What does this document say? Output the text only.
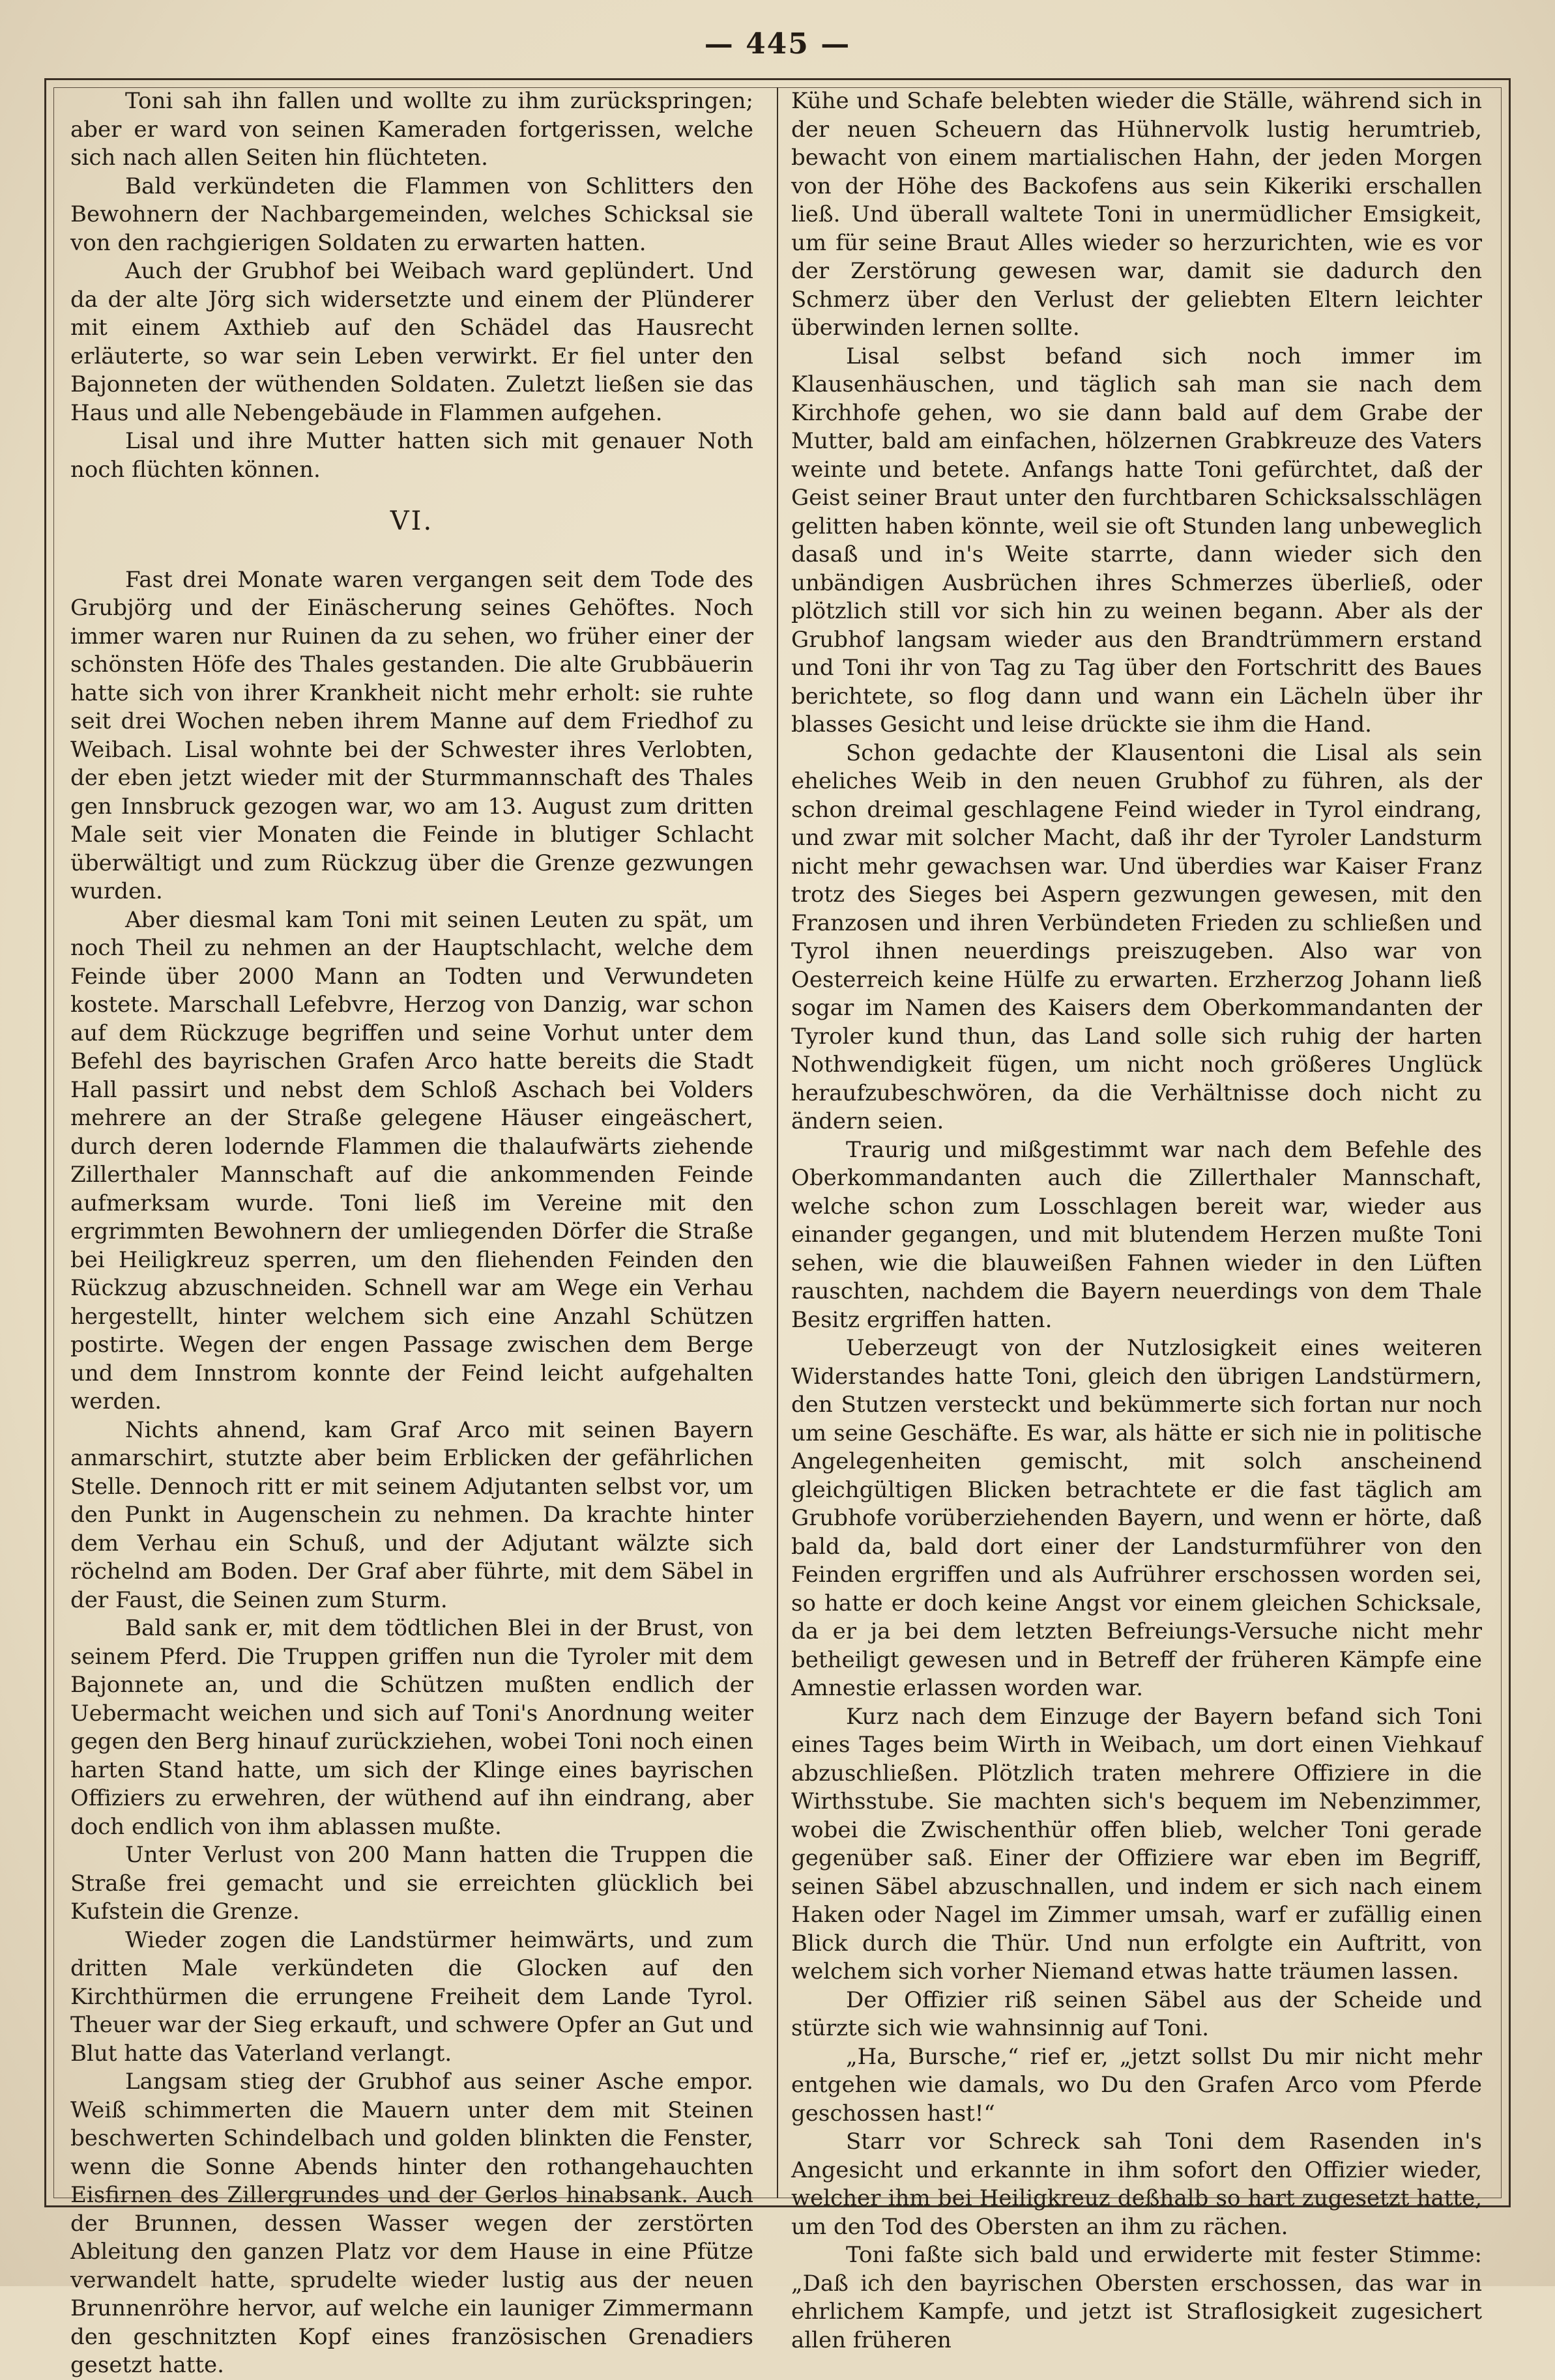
— 445 —

Toni sah ihn fallen und wollte zu ihm zurückspringen; aber er ward von seinen Kameraden fortgerissen, welche sich nach allen Seiten hin flüchteten.

Bald verkündeten die Flammen von Schlitters den Bewohnern der Nachbargemeinden, welches Schicksal sie von den rachgierigen Soldaten zu erwarten hatten.

Auch der Grubhof bei Weibach ward geplündert. Und da der alte Jörg sich widersetzte und einem der Plünderer mit einem Axthieb auf den Schädel das Hausrecht erläuterte, so war sein Leben verwirkt. Er fiel unter den Bajonneten der wüthenden Soldaten. Zuletzt ließen sie das Haus und alle Nebengebäude in Flammen aufgehen.

Lisal und ihre Mutter hatten sich mit genauer Noth noch flüchten können.

VI.

Fast drei Monate waren vergangen seit dem Tode des Grubjörg und der Einäscherung seines Gehöftes. Noch immer waren nur Ruinen da zu sehen, wo früher einer der schönsten Höfe des Thales gestanden. Die alte Grubbäuerin hatte sich von ihrer Krankheit nicht mehr erholt: sie ruhte seit drei Wochen neben ihrem Manne auf dem Friedhof zu Weibach. Lisal wohnte bei der Schwester ihres Verlobten, der eben jetzt wieder mit der Sturmmannschaft des Thales gen Innsbruck gezogen war, wo am 13. August zum dritten Male seit vier Monaten die Feinde in blutiger Schlacht überwältigt und zum Rückzug über die Grenze gezwungen wurden.

Aber diesmal kam Toni mit seinen Leuten zu spät, um noch Theil zu nehmen an der Hauptschlacht, welche dem Feinde über 2000 Mann an Todten und Verwundeten kostete. Marschall Lefebvre, Herzog von Danzig, war schon auf dem Rückzuge begriffen und seine Vorhut unter dem Befehl des bayrischen Grafen Arco hatte bereits die Stadt Hall passirt und nebst dem Schloß Aschach bei Volders mehrere an der Straße gelegene Häuser eingeäschert, durch deren lodernde Flammen die thalaufwärts ziehende Zillerthaler Mannschaft auf die ankommenden Feinde aufmerksam wurde. Toni ließ im Vereine mit den ergrimmten Bewohnern der umliegenden Dörfer die Straße bei Heiligkreuz sperren, um den fliehenden Feinden den Rückzug abzuschneiden. Schnell war am Wege ein Verhau hergestellt, hinter welchem sich eine Anzahl Schützen postirte. Wegen der engen Passage zwischen dem Berge und dem Innstrom konnte der Feind leicht aufgehalten werden.

Nichts ahnend, kam Graf Arco mit seinen Bayern anmarschirt, stutzte aber beim Erblicken der gefährlichen Stelle. Dennoch ritt er mit seinem Adjutanten selbst vor, um den Punkt in Augenschein zu nehmen. Da krachte hinter dem Verhau ein Schuß, und der Adjutant wälzte sich röchelnd am Boden. Der Graf aber führte, mit dem Säbel in der Faust, die Seinen zum Sturm.

Bald sank er, mit dem tödtlichen Blei in der Brust, von seinem Pferd. Die Truppen griffen nun die Tyroler mit dem Bajonnete an, und die Schützen mußten endlich der Uebermacht weichen und sich auf Toni's Anordnung weiter gegen den Berg hinauf zurückziehen, wobei Toni noch einen harten Stand hatte, um sich der Klinge eines bayrischen Offiziers zu erwehren, der wüthend auf ihn eindrang, aber doch endlich von ihm ablassen mußte.

Unter Verlust von 200 Mann hatten die Truppen die Straße frei gemacht und sie erreichten glücklich bei Kufstein die Grenze.

Wieder zogen die Landstürmer heimwärts, und zum dritten Male verkündeten die Glocken auf den Kirchthürmen die errungene Freiheit dem Lande Tyrol. Theuer war der Sieg erkauft, und schwere Opfer an Gut und Blut hatte das Vaterland verlangt.

Langsam stieg der Grubhof aus seiner Asche empor. Weiß schimmerten die Mauern unter dem mit Steinen beschwerten Schindelbach und golden blinkten die Fenster, wenn die Sonne Abends hinter den rothangehauchten Eisfirnen des Zillergrundes und der Gerlos hinabsank. Auch der Brunnen, dessen Wasser wegen der zerstörten Ableitung den ganzen Platz vor dem Hause in eine Pfütze verwandelt hatte, sprudelte wieder lustig aus der neuen Brunnenröhre hervor, auf welche ein launiger Zimmermann den geschnitzten Kopf eines französischen Grenadiers gesetzt hatte.

Kühe und Schafe belebten wieder die Ställe, während sich in der neuen Scheuern das Hühnervolk lustig herumtrieb, bewacht von einem martialischen Hahn, der jeden Morgen von der Höhe des Backofens aus sein Kikeriki erschallen ließ. Und überall waltete Toni in unermüdlicher Emsigkeit, um für seine Braut Alles wieder so herzurichten, wie es vor der Zerstörung gewesen war, damit sie dadurch den Schmerz über den Verlust der geliebten Eltern leichter überwinden lernen sollte.

Lisal selbst befand sich noch immer im Klausenhäuschen, und täglich sah man sie nach dem Kirchhofe gehen, wo sie dann bald auf dem Grabe der Mutter, bald am einfachen, hölzernen Grabkreuze des Vaters weinte und betete. Anfangs hatte Toni gefürchtet, daß der Geist seiner Braut unter den furchtbaren Schicksalsschlägen gelitten haben könnte, weil sie oft Stunden lang unbeweglich dasaß und in's Weite starrte, dann wieder sich den unbändigen Ausbrüchen ihres Schmerzes überließ, oder plötzlich still vor sich hin zu weinen begann. Aber als der Grubhof langsam wieder aus den Brandtrümmern erstand und Toni ihr von Tag zu Tag über den Fortschritt des Baues berichtete, so flog dann und wann ein Lächeln über ihr blasses Gesicht und leise drückte sie ihm die Hand.

Schon gedachte der Klausentoni die Lisal als sein eheliches Weib in den neuen Grubhof zu führen, als der schon dreimal geschlagene Feind wieder in Tyrol eindrang, und zwar mit solcher Macht, daß ihr der Tyroler Landsturm nicht mehr gewachsen war. Und überdies war Kaiser Franz trotz des Sieges bei Aspern gezwungen gewesen, mit den Franzosen und ihren Verbündeten Frieden zu schließen und Tyrol ihnen neuerdings preiszugeben. Also war von Oesterreich keine Hülfe zu erwarten. Erzherzog Johann ließ sogar im Namen des Kaisers dem Oberkommandanten der Tyroler kund thun, das Land solle sich ruhig der harten Nothwendigkeit fügen, um nicht noch größeres Unglück heraufzubeschwören, da die Verhältnisse doch nicht zu ändern seien.

Traurig und mißgestimmt war nach dem Befehle des Oberkommandanten auch die Zillerthaler Mannschaft, welche schon zum Losschlagen bereit war, wieder aus einander gegangen, und mit blutendem Herzen mußte Toni sehen, wie die blauweißen Fahnen wieder in den Lüften rauschten, nachdem die Bayern neuerdings von dem Thale Besitz ergriffen hatten.

Ueberzeugt von der Nutzlosigkeit eines weiteren Widerstandes hatte Toni, gleich den übrigen Landstürmern, den Stutzen versteckt und bekümmerte sich fortan nur noch um seine Geschäfte. Es war, als hätte er sich nie in politische Angelegenheiten gemischt, mit solch anscheinend gleichgültigen Blicken betrachtete er die fast täglich am Grubhofe vorüberziehenden Bayern, und wenn er hörte, daß bald da, bald dort einer der Landsturmführer von den Feinden ergriffen und als Aufrührer erschossen worden sei, so hatte er doch keine Angst vor einem gleichen Schicksale, da er ja bei dem letzten Befreiungs-Versuche nicht mehr betheiligt gewesen und in Betreff der früheren Kämpfe eine Amnestie erlassen worden war.

Kurz nach dem Einzuge der Bayern befand sich Toni eines Tages beim Wirth in Weibach, um dort einen Viehkauf abzuschließen. Plötzlich traten mehrere Offiziere in die Wirthsstube. Sie machten sich's bequem im Nebenzimmer, wobei die Zwischenthür offen blieb, welcher Toni gerade gegenüber saß. Einer der Offiziere war eben im Begriff, seinen Säbel abzuschnallen, und indem er sich nach einem Haken oder Nagel im Zimmer umsah, warf er zufällig einen Blick durch die Thür. Und nun erfolgte ein Auftritt, von welchem sich vorher Niemand etwas hatte träumen lassen.

Der Offizier riß seinen Säbel aus der Scheide und stürzte sich wie wahnsinnig auf Toni.

„Ha, Bursche,“ rief er, „jetzt sollst Du mir nicht mehr entgehen wie damals, wo Du den Grafen Arco vom Pferde geschossen hast!“

Starr vor Schreck sah Toni dem Rasenden in's Angesicht und erkannte in ihm sofort den Offizier wieder, welcher ihm bei Heiligkreuz deßhalb so hart zugesetzt hatte, um den Tod des Obersten an ihm zu rächen.

Toni faßte sich bald und erwiderte mit fester Stimme: „Daß ich den bayrischen Obersten erschossen, das war in ehrlichem Kampfe, und jetzt ist Straflosigkeit zugesichert allen früheren
